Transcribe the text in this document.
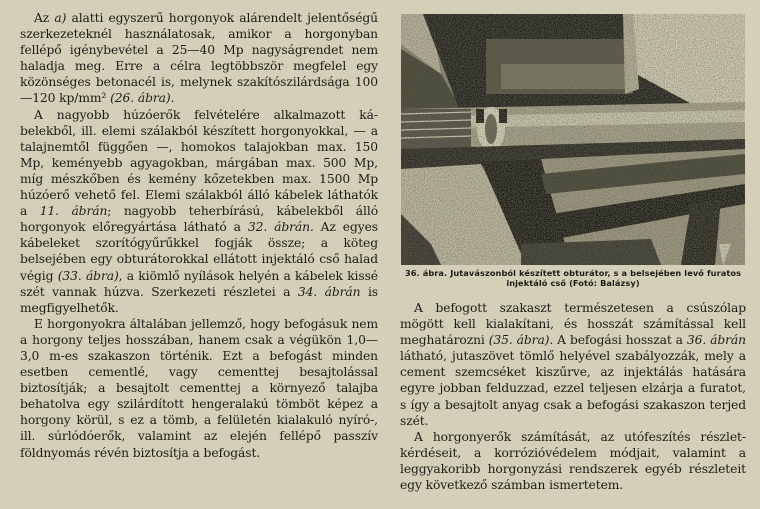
Az a) alatti egyszerű horgonyok alárendelt jelentőségű szerkezeteknél használatosak, amikor a horgonyban fellépő igénybevétel a 25—40 Mp nagyságrendet nem haladja meg. Erre a célra legtöbbször megfelel egy közönséges betonacél is, melynek szakítószilárdsága 100—120 kp/mm² (26. ábra).

A nagyobb húzóerők felvételére alkalmazott kábelekből, ill. elemi szálakból készített horgonyokkal, — a talajnemtől függően —, homokos talajokban max. 150 Mp, keményebb agyagokban, márgában max. 500 Mp, míg mészkőben és kemény kőzetekben max. 1500 Mp húzóerő vehető fel. Elemi szálakból álló kábelek láthatók a 11. ábrán; nagyobb teherbírású, kábelekből álló horgonyok előregyártása látható a 32. ábrán. Az egyes kábeleket szorítógyűrűkkel fogják össze; a köteg belsejében egy obturátorokkal ellátott injektáló cső halad végig (33. ábra), a kiömlő nyílások helyén a kábelek kissé szét vannak húzva. Szerkezeti részletei a 34. ábrán is megfigyelhetők.

E horgonyokra általában jellemző, hogy befogásuk nem a horgony teljes hosszában, hanem csak a végükön 1,0—3,0 m-es szakaszon történik. Ezt a befogást minden esetben cementlé, vagy cementtej besajtolással biztosítják; a besajtolt cementtej a környező talajba behatolva egy szilárdított hengeralakú tömböt képez a horgony körül, s ez a tömb, a felületén kialakuló nyíró-, ill. súrlódóerők, valamint az elején fellépő passzív földnyomás révén biztosítja a befogást.

36. ábra. Jutavászonból készített obturátor, s a belsejében levő furatos
injektáló cső (Fotó: Balázsy)

A befogott szakaszt természetesen a csúszólap mögött kell kialakítani, és hosszát számítással kell meghatározni (35. ábra). A befogási hosszat a 36. ábrán látható, jutaszövet tömlő helyével szabályozzák, mely a cement szemcséket kiszűrve, az injektálás hatására egyre jobban felduzzad, ezzel teljesen elzárja a furatot, s így a besajtolt anyag csak a befogási szakaszon terjed szét.

A horgonyerők számítását, az utófeszítés részletkérdéseit, a korrózióvédelem módjait, valamint a leggyakoribb horgonyzási rendszerek egyéb részleteit egy következő számban ismertetem.
